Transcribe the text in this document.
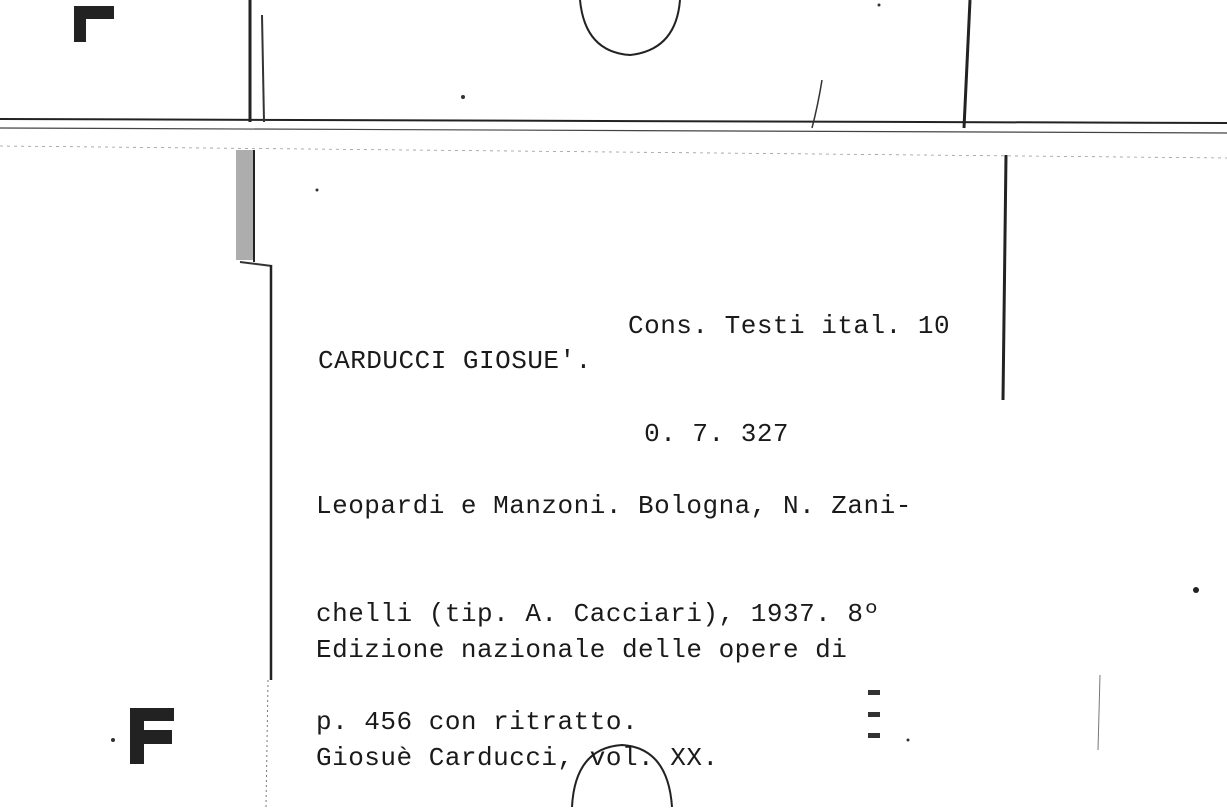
Cons. Testi ital. 10

0. 7. 327

CARDUCCI GIOSUE'.

Leopardi e Manzoni. Bologna, N. Zani-

chelli (tip. A. Cacciari), 1937. 8º

p. 456 con ritratto.

Edizione nazionale delle opere di

Giosuè Carducci, vol. XX.
